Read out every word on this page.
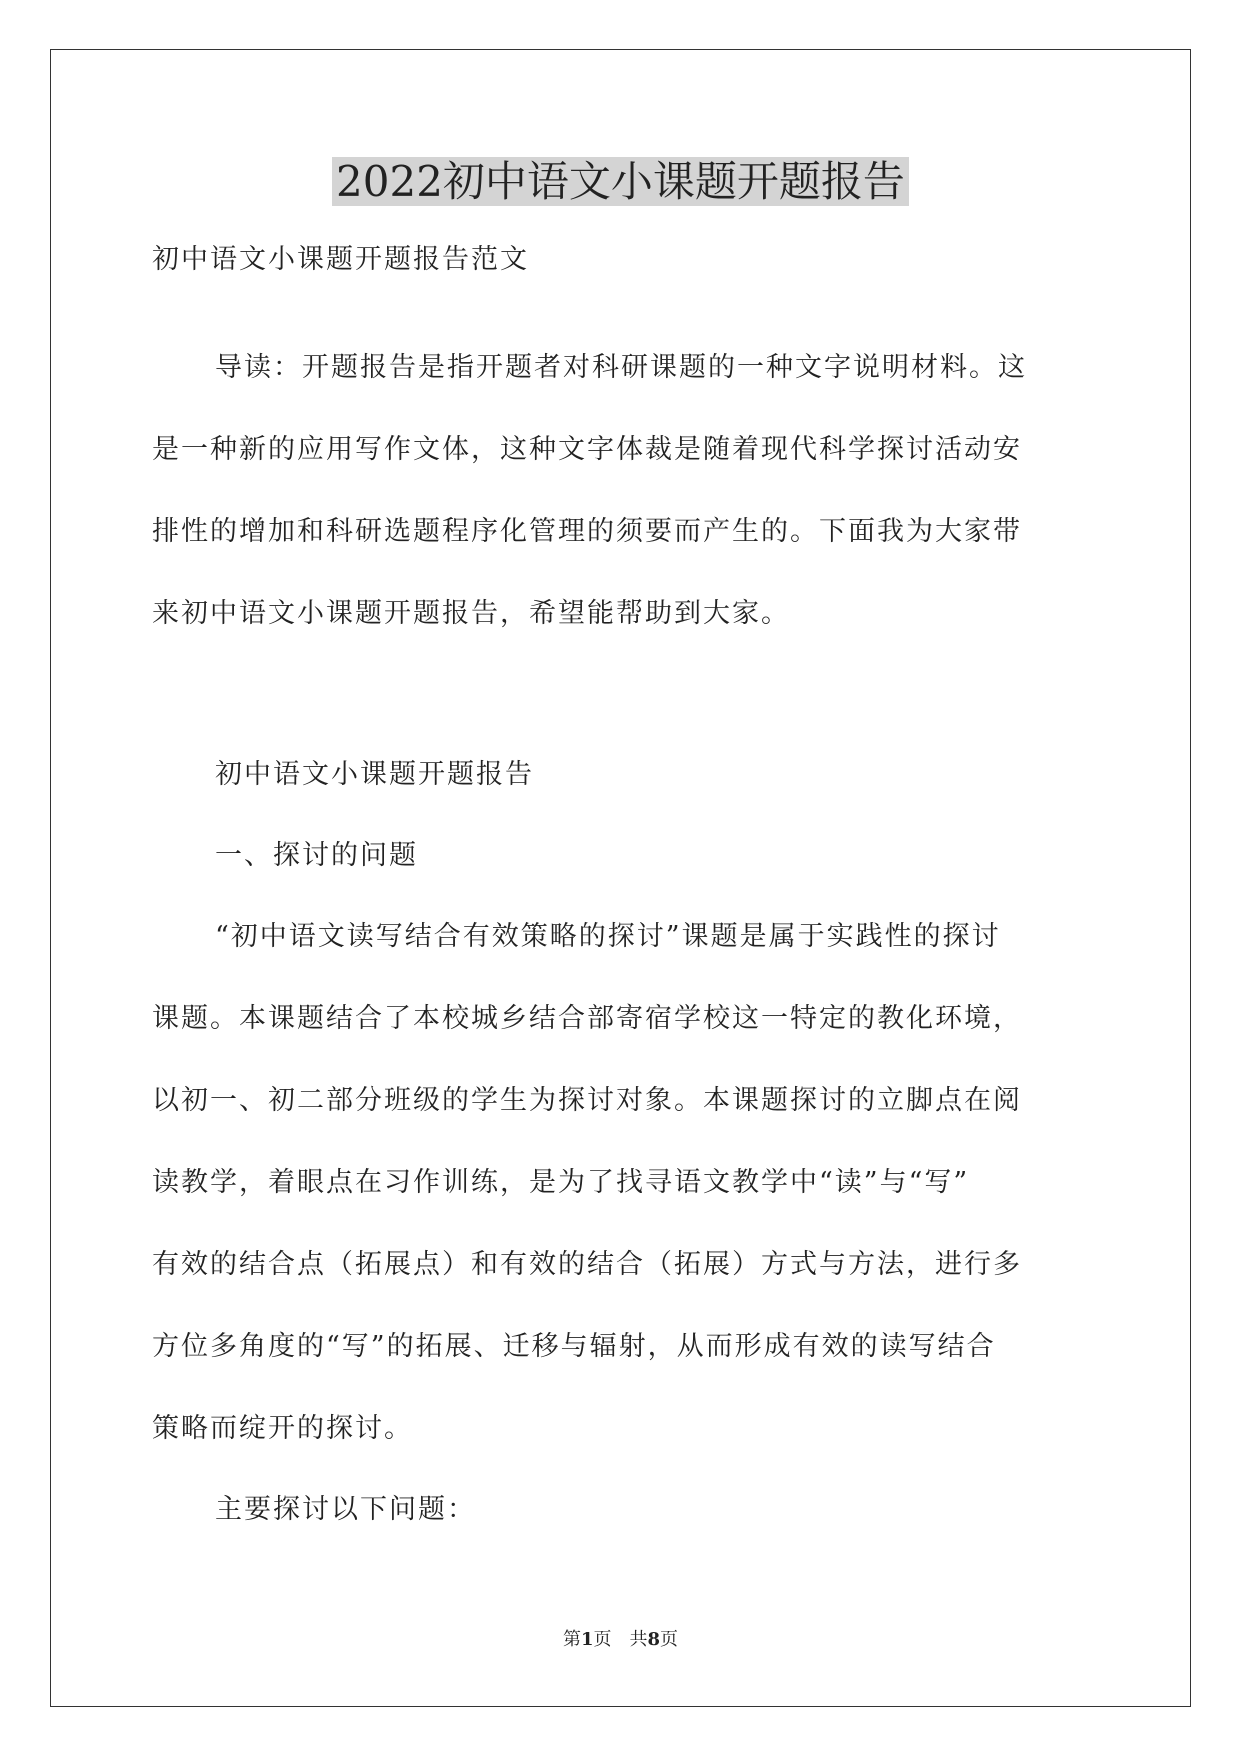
2022初中语文小课题开题报告
初中语文小课题开题报告范文
导读：开题报告是指开题者对科研课题的一种文字说明材料。这
是一种新的应用写作文体，这种文字体裁是随着现代科学探讨活动安
排性的增加和科研选题程序化管理的须要而产生的。下面我为大家带
来初中语文小课题开题报告，希望能帮助到大家。
初中语文小课题开题报告
一、探讨的问题
“初中语文读写结合有效策略的探讨”课题是属于实践性的探讨
课题。本课题结合了本校城乡结合部寄宿学校这一特定的教化环境，
以初一、初二部分班级的学生为探讨对象。本课题探讨的立脚点在阅
读教学，着眼点在习作训练，是为了找寻语文教学中“读”与“写”
有效的结合点（拓展点）和有效的结合（拓展）方式与方法，进行多
方位多角度的“写”的拓展、迁移与辐射，从而形成有效的读写结合
策略而绽开的探讨。
主要探讨以下问题：
第1页 共8页
